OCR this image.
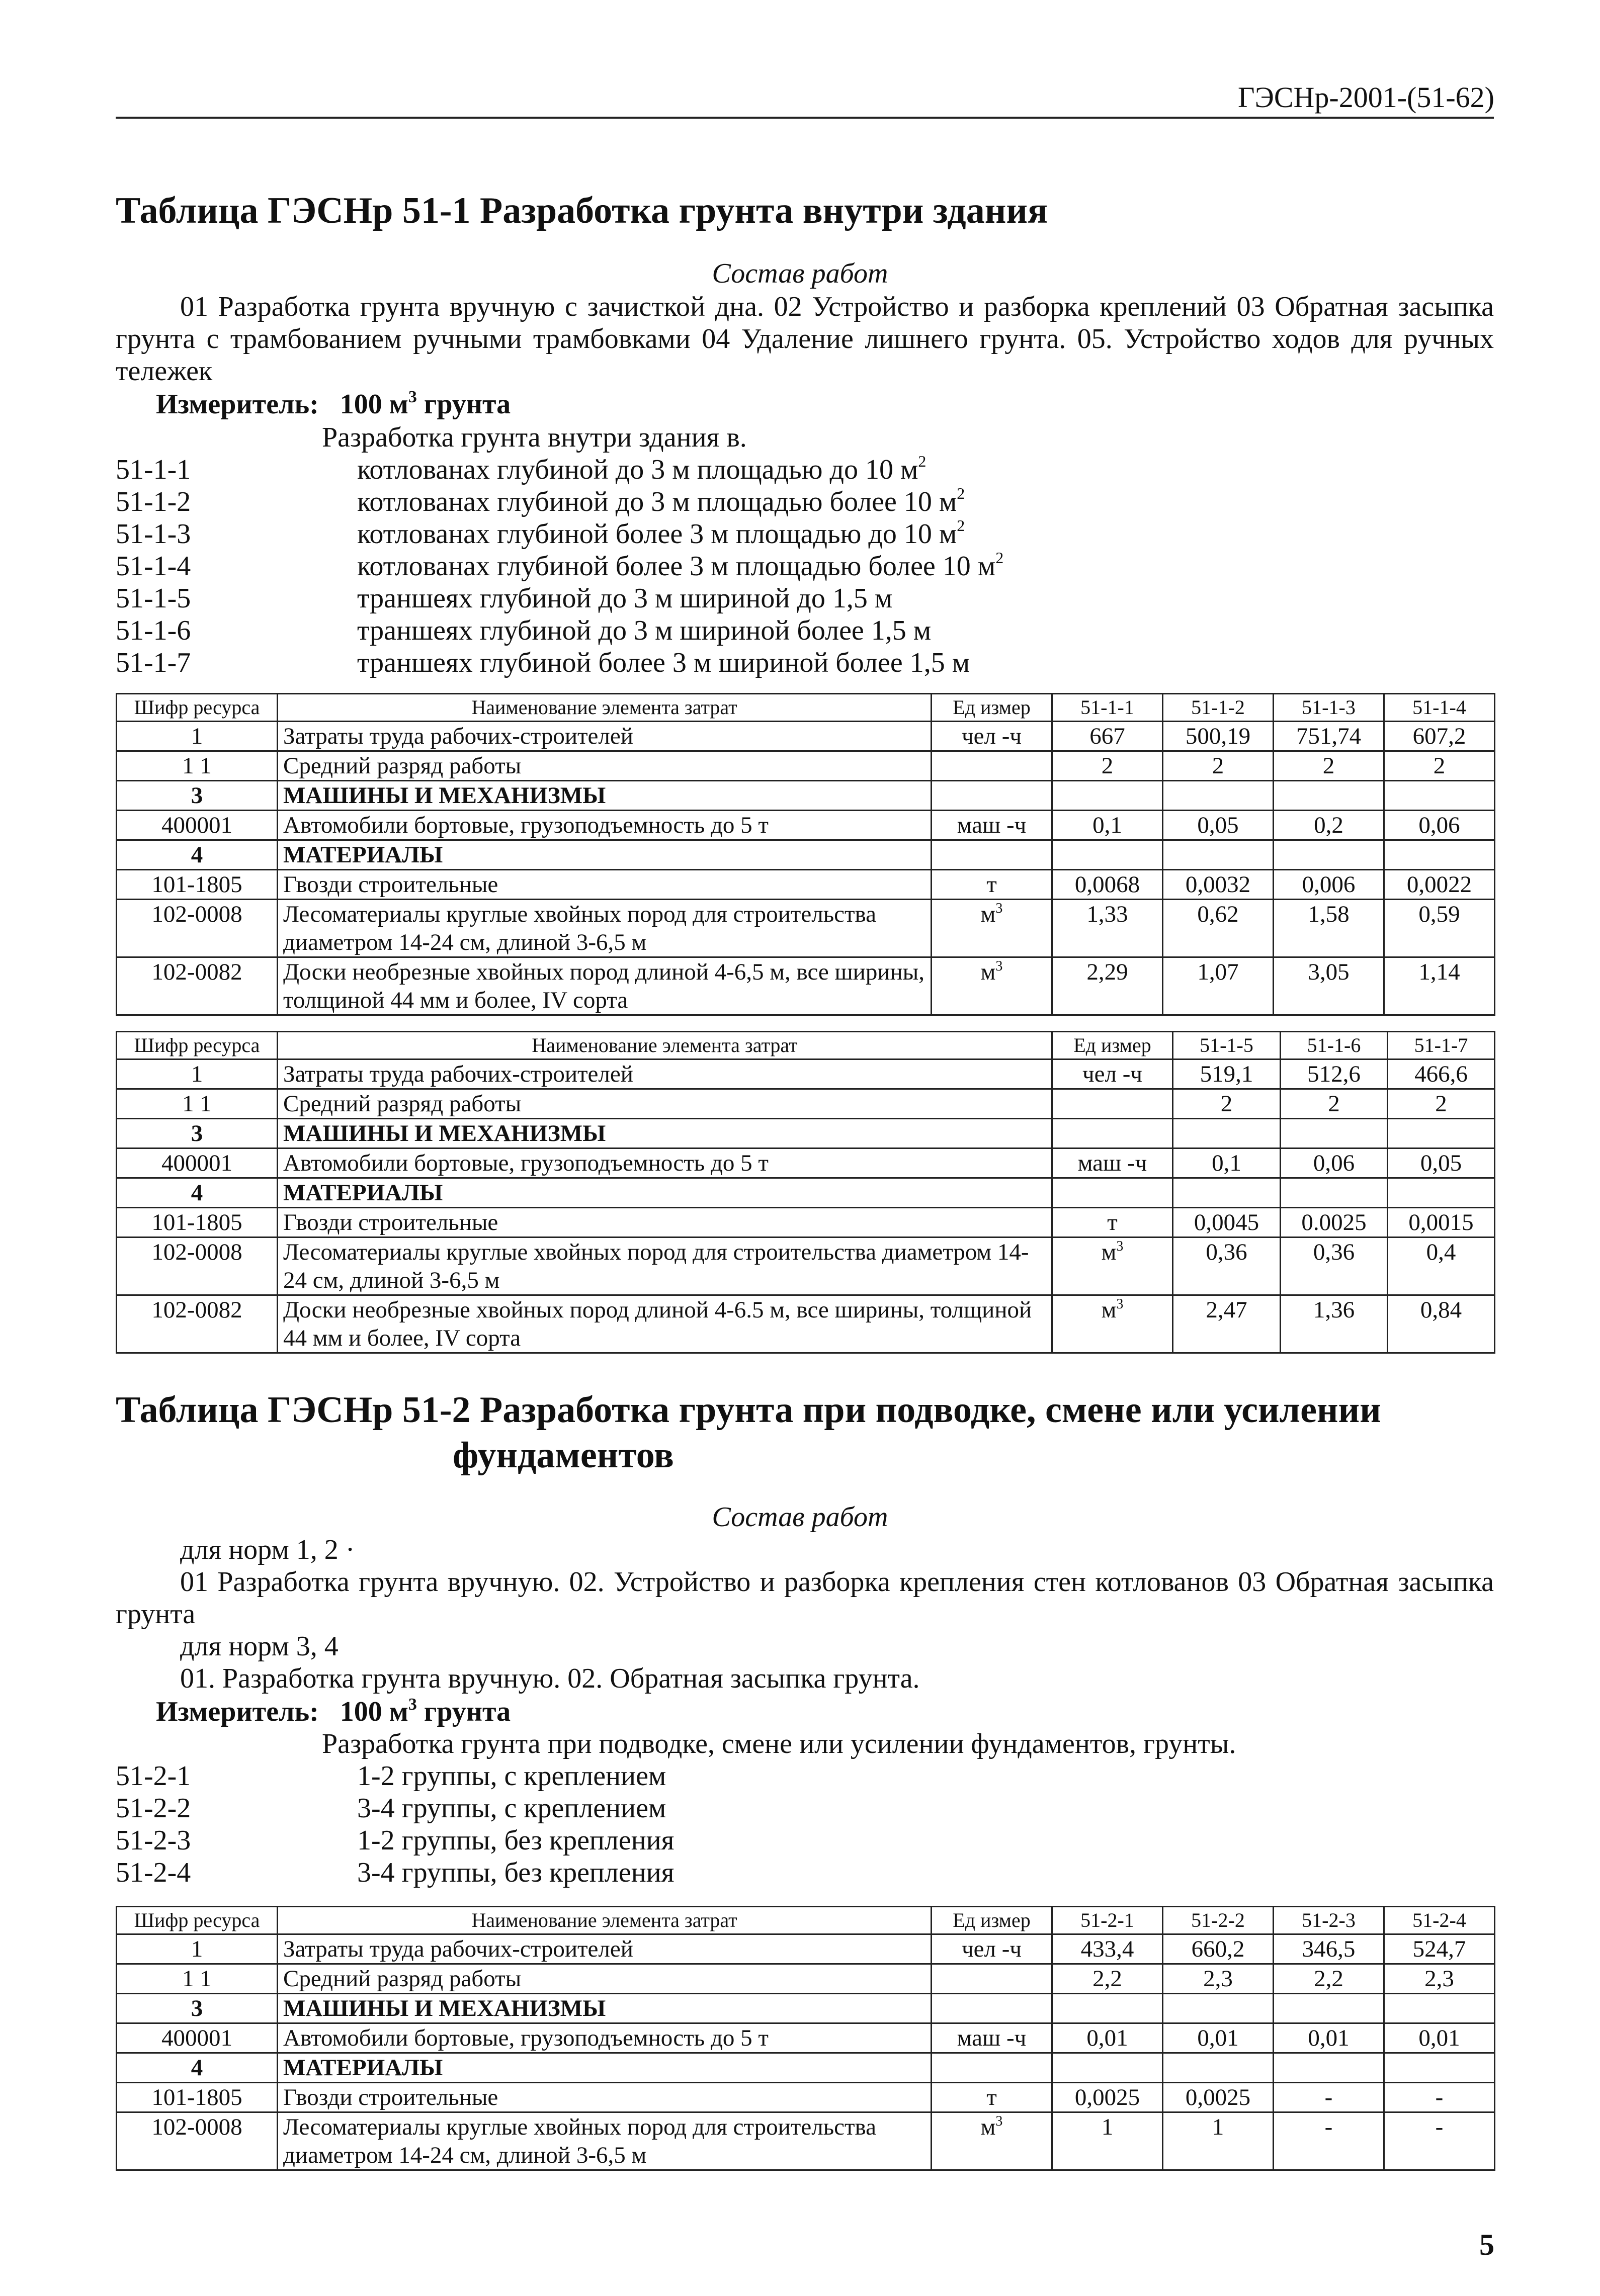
ГЭСНр-2001-(51-62)
Таблица ГЭСНр 51-1 Разработка грунта внутри здания
Состав работ
01 Разработка грунта вручную с зачисткой дна. 02 Устройство и разборка креплений 03 Обратная засыпка грунта с трамбованием ручными трамбовками 04 Удаление лишнего грунта. 05. Устройство ходов для ручных тележек
Измеритель: 100 $м^3$ грунта
Разработка грунта внутри здания в.
51-1-1	котлованах глубиной до 3 м площадью до 10 $м^2$
51-1-2	котлованах глубиной до 3 м площадью более 10 $м^2$
51-1-3	котлованах глубиной более 3 м площадью до 10 $м^2$
51-1-4	котлованах глубиной более 3 м площадью более 10 $м^2$
51-1-5	траншеях глубиной до 3 м шириной до 1,5 м
51-1-6	траншеях глубиной до 3 м шириной более 1,5 м
51-1-7	траншеях глубиной более 3 м шириной более 1,5 м
Шифр ресурса	Наименование элемента затрат	Ед измер	51-1-1	51-1-2	51-1-3	51-1-4
1	Затраты труда рабочих-строителей	чел -ч	667	500,19	751,74	607,2
1 1	Средний разряд работы		2	2	2	2
3	МАШИНЫ И МЕХАНИЗМЫ					
400001	Автомобили бортовые, грузоподъемность до 5 т	маш -ч	0,1	0,05	0,2	0,06
4	МАТЕРИАЛЫ					
101-1805	Гвозди строительные	т	0,0068	0,0032	0,006	0,0022
102-0008	Лесоматериалы круглые хвойных пород для строительства диаметром 14-24 см, длиной 3-6,5 м	$м^3$	1,33	0,62	1,58	0,59
102-0082	Доски необрезные хвойных пород длиной 4-6,5 м, все ширины, толщиной 44 мм и более, IV сорта	$м^3$	2,29	1,07	3,05	1,14
Шифр ресурса	Наименование элемента затрат	Ед измер	51-1-5	51-1-6	51-1-7
1	Затраты труда рабочих-строителей	чел -ч	519,1	512,6	466,6
1 1	Средний разряд работы		2	2	2
3	МАШИНЫ И МЕХАНИЗМЫ				
400001	Автомобили бортовые, грузоподъемность до 5 т	маш -ч	0,1	0,06	0,05
4	МАТЕРИАЛЫ				
101-1805	Гвозди строительные	т	0,0045	0.0025	0,0015
102-0008	Лесоматериалы круглые хвойных пород для строительства диаметром 14-24 см, длиной 3-6,5 м	$м^3$	0,36	0,36	0,4
102-0082	Доски необрезные хвойных пород длиной 4-6.5 м, все ширины, толщиной 44 мм и более, IV сорта	$м^3$	2,47	1,36	0,84
Таблица ГЭСНр 51-2 Разработка грунта при подводке, смене или усилении
фундаментов
Состав работ
для норм 1, 2 ·
01 Разработка грунта вручную. 02. Устройство и разборка крепления стен котлованов 03 Обратная засыпка грунта
для норм 3, 4
01. Разработка грунта вручную. 02. Обратная засыпка грунта.
Измеритель: 100 $м^3$ грунта
Разработка грунта при подводке, смене или усилении фундаментов, грунты.
51-2-1	1-2 группы, с креплением
51-2-2	3-4 группы, с креплением
51-2-3	1-2 группы, без крепления
51-2-4	3-4 группы, без крепления
Шифр ресурса	Наименование элемента затрат	Ед измер	51-2-1	51-2-2	51-2-3	51-2-4
1	Затраты труда рабочих-строителей	чел -ч	433,4	660,2	346,5	524,7
1 1	Средний разряд работы		2,2	2,3	2,2	2,3
3	МАШИНЫ И МЕХАНИЗМЫ					
400001	Автомобили бортовые, грузоподъемность до 5 т	маш -ч	0,01	0,01	0,01	0,01
4	МАТЕРИАЛЫ					
101-1805	Гвозди строительные	т	0,0025	0,0025	-	-
102-0008	Лесоматериалы круглые хвойных пород для строительства диаметром 14-24 см, длиной 3-6,5 м	$м^3$	1	1	-	-
5
